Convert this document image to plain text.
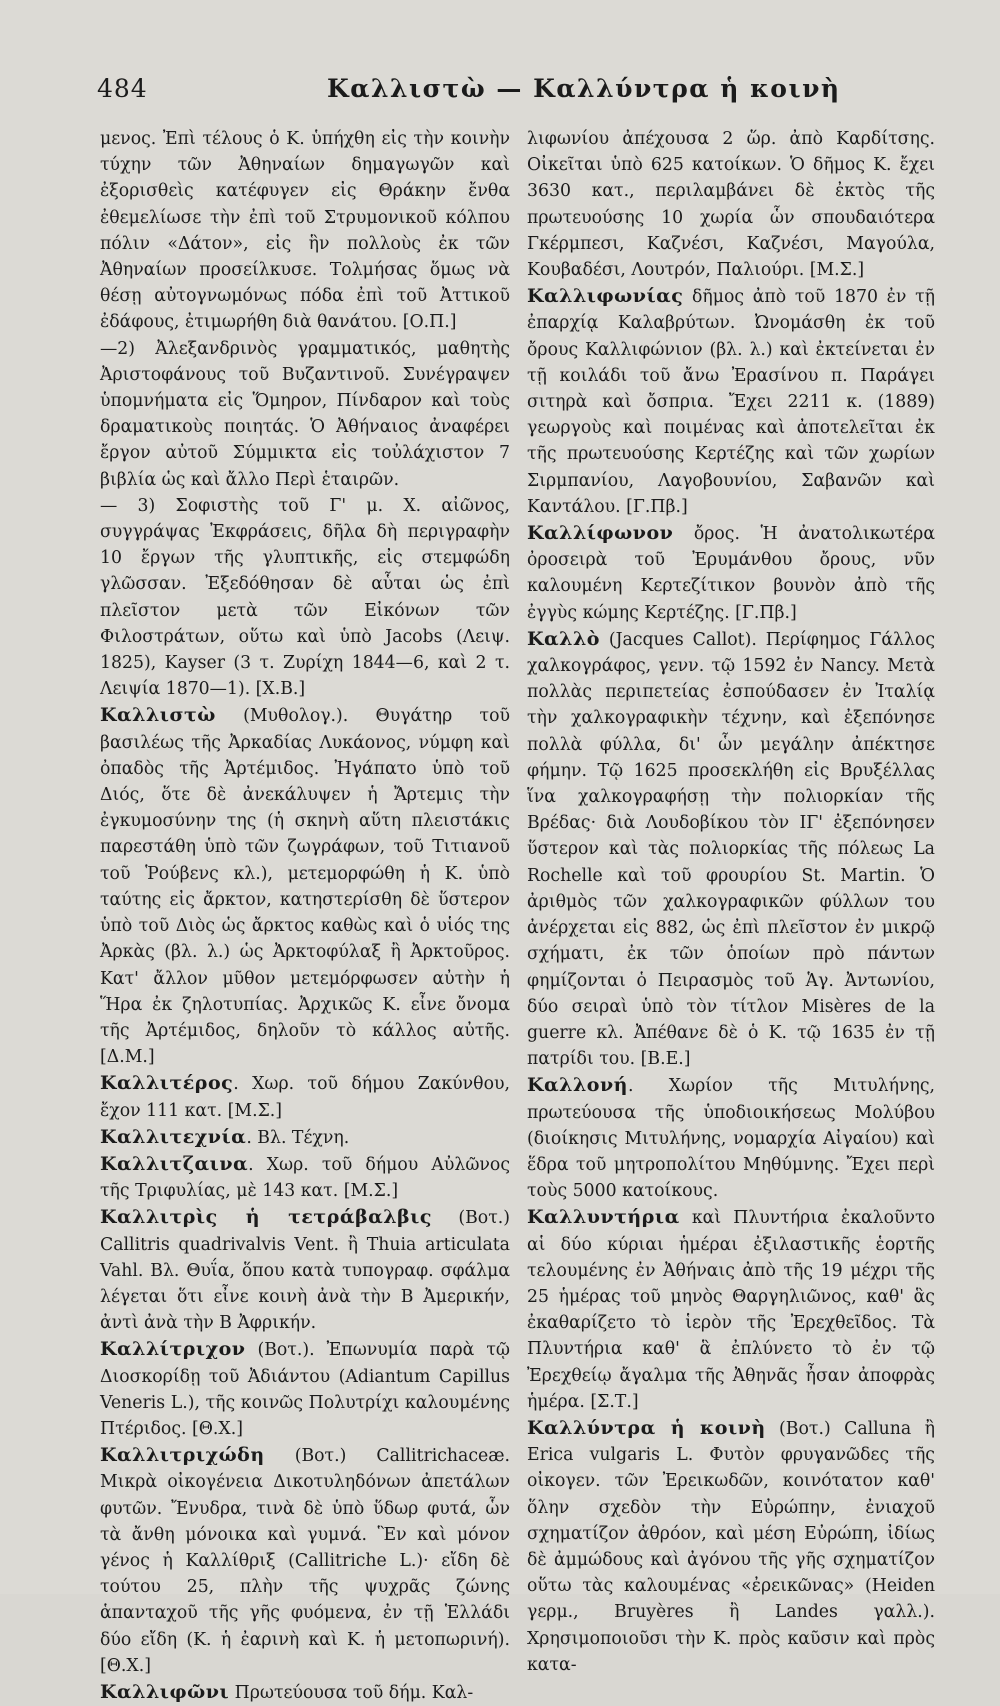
484	Καλλιστὼ — Καλλύντρα ἡ κοινὴ

μενος. Ἐπὶ τέλους ὁ Κ. ὑπήχθη εἰς τὴν κοινὴν τύχην τῶν Ἀθηναίων δημαγωγῶν καὶ ἐξορισθεὶς κατέφυγεν εἰς Θράκην ἔνθα ἐθεμελίωσε τὴν ἐπὶ τοῦ Στρυμονικοῦ κόλπου πόλιν «Δάτον», εἰς ἣν πολλοὺς ἐκ τῶν Ἀθηναίων προσείλκυσε. Τολμήσας ὅμως νὰ θέσῃ αὐτογνωμόνως πόδα ἐπὶ τοῦ Ἀττικοῦ ἐδάφους, ἐτιμωρήθη διὰ θανάτου. [Ο.Π.]

—2) Ἀλεξανδρινὸς γραμματικός, μαθητὴς Ἀριστοφάνους τοῦ Βυζαντινοῦ. Συνέγραψεν ὑπομνήματα εἰς Ὅμηρον, Πίνδαρον καὶ τοὺς δραματικοὺς ποιητάς. Ὁ Ἀθήναιος ἀναφέρει ἔργον αὐτοῦ Σύμμικτα εἰς τοὐλάχιστον 7 βιβλία ὡς καὶ ἄλλο Περὶ ἑταιρῶν.

— 3) Σοφιστὴς τοῦ Γ' μ. Χ. αἰῶνος, συγγράψας Ἐκφράσεις, δῆλα δὴ περιγραφὴν 10 ἔργων τῆς γλυπτικῆς, εἰς στεμφώδη γλῶσσαν. Ἐξεδόθησαν δὲ αὗται ὡς ἐπὶ πλεῖστον μετὰ τῶν Εἰκόνων τῶν Φιλοστράτων, οὕτω καὶ ὑπὸ Jacobs (Λειψ. 1825), Kayser (3 τ. Ζυρίχη 1844—6, καὶ 2 τ. Λειψία 1870—1). [Χ.Β.]

Καλλιστὼ (Μυθολογ.). Θυγάτηρ τοῦ βασιλέως τῆς Ἀρκαδίας Λυκάονος, νύμφη καὶ ὀπαδὸς τῆς Ἀρτέμιδος. Ἠγάπατο ὑπὸ τοῦ Διός, ὅτε δὲ ἀνεκάλυψεν ἡ Ἄρτεμις τὴν ἐγκυμοσύνην της (ἡ σκηνὴ αὕτη πλειστάκις παρεστάθη ὑπὸ τῶν ζωγράφων, τοῦ Τιτιανοῦ τοῦ Ῥούβενς κλ.), μετεμορφώθη ἡ Κ. ὑπὸ ταύτης εἰς ἄρκτον, κατηστερίσθη δὲ ὕστερον ὑπὸ τοῦ Διὸς ὡς ἄρκτος καθὼς καὶ ὁ υἱός της Ἀρκὰς (βλ. λ.) ὡς Ἀρκτοφύλαξ ἢ Ἀρκτοῦρος. Κατ' ἄλλον μῦθον μετεμόρφωσεν αὐτὴν ἡ Ἥρα ἐκ ζηλοτυπίας. Ἀρχικῶς Κ. εἶνε ὄνομα τῆς Ἀρτέμιδος, δηλοῦν τὸ κάλλος αὐτῆς. [Δ.Μ.]

Καλλιτέρος. Χωρ. τοῦ δήμου Ζακύνθου, ἔχον 111 κατ. [Μ.Σ.]

Καλλιτεχνία. Βλ. Τέχνη.

Καλλιτζαινα. Χωρ. τοῦ δήμου Αὐλῶνος τῆς Τριφυλίας, μὲ 143 κατ. [Μ.Σ.]

Καλλιτρὶς ἡ τετράβαλβις (Βοτ.) Callitris quadrivalvis Vent. ἢ Thuia articulata Vahl. Βλ. Θυΐα, ὅπου κατὰ τυπογραφ. σφάλμα λέγεται ὅτι εἶνε κοινὴ ἀνὰ τὴν Β Ἀμερικήν, ἀντὶ ἀνὰ τὴν Β Ἀφρικήν.

Καλλίτριχον (Βοτ.). Ἐπωνυμία παρὰ τῷ Διοσκορίδῃ τοῦ Ἀδιάντου (Adiantum Capillus Veneris L.), τῆς κοινῶς Πολυτρίχι καλουμένης Πτέριδος. [Θ.Χ.]

Καλλιτριχώδη (Βοτ.) Callitrichaceæ. Μικρὰ οἰκογένεια Δικοτυληδόνων ἀπετάλων φυτῶν. Ἔνυδρα, τινὰ δὲ ὑπὸ ὕδωρ φυτά, ὧν τὰ ἄνθη μόνοικα καὶ γυμνά. Ἓν καὶ μόνον γένος ἡ Καλλίθριξ (Callitriche L.)· εἴδη δὲ τούτου 25, πλὴν τῆς ψυχρᾶς ζώνης ἁπανταχοῦ τῆς γῆς φυόμενα, ἐν τῇ Ἑλλάδι δύο εἴδη (Κ. ἡ ἐαρινὴ καὶ Κ. ἡ μετοπωρινή). [Θ.Χ.]

Καλλιφῶνι Πρωτεύουσα τοῦ δήμ. Καλ-

λιφωνίου ἀπέχουσα 2 ὥρ. ἀπὸ Καρδίτσης. Οἰκεῖται ὑπὸ 625 κατοίκων. Ὁ δῆμος Κ. ἔχει 3630 κατ., περιλαμβάνει δὲ ἐκτὸς τῆς πρωτευούσης 10 χωρία ὧν σπουδαιότερα Γκέρμπεσι, Καζνέσι, Καζνέσι, Μαγούλα, Κουβαδέσι, Λουτρόν, Παλιούρι. [Μ.Σ.]

Καλλιφωνίας δῆμος ἀπὸ τοῦ 1870 ἐν τῇ ἐπαρχίᾳ Καλαβρύτων. Ὠνομάσθη ἐκ τοῦ ὄρους Καλλιφώνιον (βλ. λ.) καὶ ἐκτείνεται ἐν τῇ κοιλάδι τοῦ ἄνω Ἐρασίνου π. Παράγει σιτηρὰ καὶ ὄσπρια. Ἔχει 2211 κ. (1889) γεωργοὺς καὶ ποιμένας καὶ ἀποτελεῖται ἐκ τῆς πρωτευούσης Κερτέζης καὶ τῶν χωρίων Σιρμπανίου, Λαγοβουνίου, Σαβανῶν καὶ Καντάλου. [Γ.Πβ.]

Καλλίφωνον ὄρος. Ἡ ἀνατολικωτέρα ὀροσειρὰ τοῦ Ἐρυμάνθου ὄρους, νῦν καλουμένη Κερτεζίτικον βουνὸν ἀπὸ τῆς ἐγγὺς κώμης Κερτέζης. [Γ.Πβ.]

Καλλὸ (Jacques Callot). Περίφημος Γάλλος χαλκογράφος, γενν. τῷ 1592 ἐν Nancy. Μετὰ πολλὰς περιπετείας ἐσπούδασεν ἐν Ἰταλίᾳ τὴν χαλκογραφικὴν τέχνην, καὶ ἐξεπόνησε πολλὰ φύλλα, δι' ὧν μεγάλην ἀπέκτησε φήμην. Τῷ 1625 προσεκλήθη εἰς Βρυξέλλας ἵνα χαλκογραφήσῃ τὴν πολιορκίαν τῆς Βρέδας· διὰ Λουδοβίκου τὸν ΙΓ' ἐξεπόνησεν ὕστερον καὶ τὰς πολιορκίας τῆς πόλεως La Rochelle καὶ τοῦ φρουρίου St. Martin. Ὁ ἀριθμὸς τῶν χαλκογραφικῶν φύλλων του ἀνέρχεται εἰς 882, ὡς ἐπὶ πλεῖστον ἐν μικρῷ σχήματι, ἐκ τῶν ὁποίων πρὸ πάντων φημίζονται ὁ Πειρασμὸς τοῦ Ἁγ. Ἀντωνίου, δύο σειραὶ ὑπὸ τὸν τίτλον Misères de la guerre κλ. Ἀπέθανε δὲ ὁ Κ. τῷ 1635 ἐν τῇ πατρίδι του. [Β.Ε.]

Καλλονή. Χωρίον τῆς Μιτυλήνης, πρωτεύουσα τῆς ὑποδιοικήσεως Μολύβου (διοίκησις Μιτυλήνης, νομαρχία Αἰγαίου) καὶ ἕδρα τοῦ μητροπολίτου Μηθύμνης. Ἔχει περὶ τοὺς 5000 κατοίκους.

Καλλυντήρια καὶ Πλυντήρια ἐκαλοῦντο αἱ δύο κύριαι ἡμέραι ἐξιλαστικῆς ἑορτῆς τελουμένης ἐν Ἀθήναις ἀπὸ τῆς 19 μέχρι τῆς 25 ἡμέρας τοῦ μηνὸς Θαργηλιῶνος, καθ' ἃς ἐκαθαρίζετο τὸ ἱερὸν τῆς Ἐρεχθεῖδος. Τὰ Πλυντήρια καθ' ἃ ἐπλύνετο τὸ ἐν τῷ Ἐρεχθείῳ ἄγαλμα τῆς Ἀθηνᾶς ἦσαν ἀποφρὰς ἡμέρα. [Σ.Τ.]

Καλλύντρα ἡ κοινὴ (Βοτ.) Calluna ἢ Erica vulgaris L. Φυτὸν φρυγανῶδες τῆς οἰκογεν. τῶν Ἐρεικωδῶν, κοινότατον καθ' ὅλην σχεδὸν τὴν Εὐρώπην, ἐνιαχοῦ σχηματίζον ἀθρόον, καὶ μέση Εὐρώπη, ἰδίως δὲ ἀμμώδους καὶ ἀγόνου τῆς γῆς σχηματίζον οὕτω τὰς καλουμένας «ἐρεικῶνας» (Heiden γερμ., Bruyères ἢ Landes γαλλ.). Χρησιμοποιοῦσι τὴν Κ. πρὸς καῦσιν καὶ πρὸς κατα-
